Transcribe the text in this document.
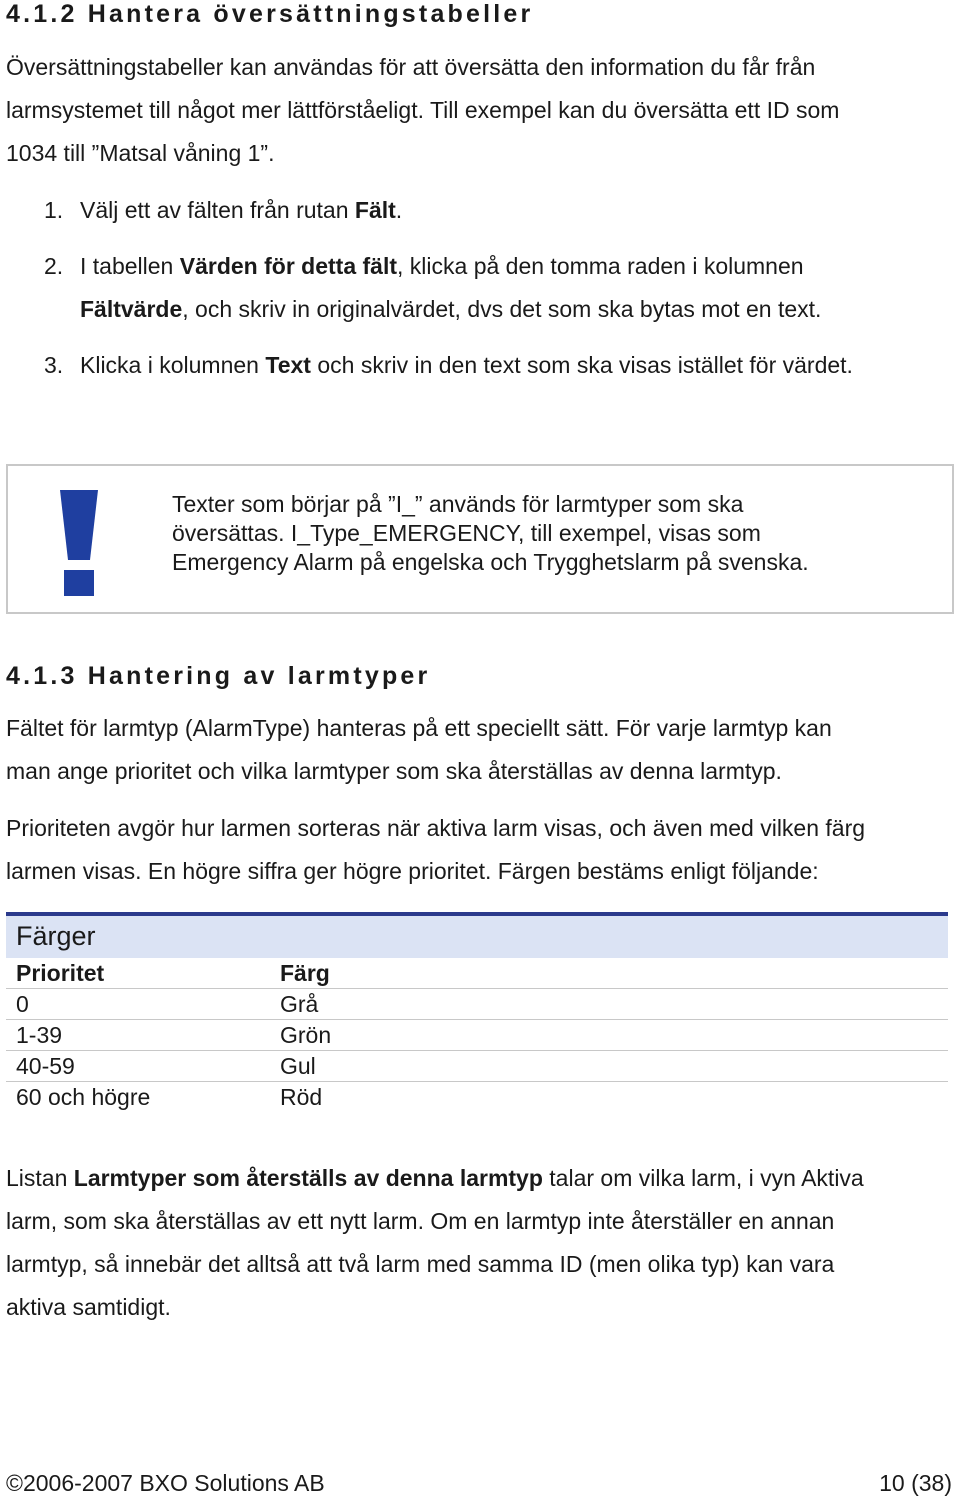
4.1.2 Hantera översättningstabeller
Översättningstabeller kan användas för att översätta den information du får från
larmsystemet till något mer lättförståeligt. Till exempel kan du översätta ett ID som
1034 till ”Matsal våning 1”.
1. Välj ett av fälten från rutan Fält.
2. I tabellen Värden för detta fält, klicka på den tomma raden i kolumnen
Fältvärde, och skriv in originalvärdet, dvs det som ska bytas mot en text.
3. Klicka i kolumnen Text och skriv in den text som ska visas istället för värdet.
Texter som börjar på ”I_” används för larmtyper som ska
översättas. I_Type_EMERGENCY, till exempel, visas som
Emergency Alarm på engelska och Trygghetslarm på svenska.
4.1.3 Hantering av larmtyper
Fältet för larmtyp (AlarmType) hanteras på ett speciellt sätt. För varje larmtyp kan
man ange prioritet och vilka larmtyper som ska återställas av denna larmtyp.
Prioriteten avgör hur larmen sorteras när aktiva larm visas, och även med vilken färg
larmen visas. En högre siffra ger högre prioritet. Färgen bestäms enligt följande:
Färger
Prioritet	Färg
0	Grå
1-39	Grön
40-59	Gul
60 och högre	Röd
Listan Larmtyper som återställs av denna larmtyp talar om vilka larm, i vyn Aktiva
larm, som ska återställas av ett nytt larm. Om en larmtyp inte återställer en annan
larmtyp, så innebär det alltså att två larm med samma ID (men olika typ) kan vara
aktiva samtidigt.
©2006-2007 BXO Solutions AB	10 (38)
